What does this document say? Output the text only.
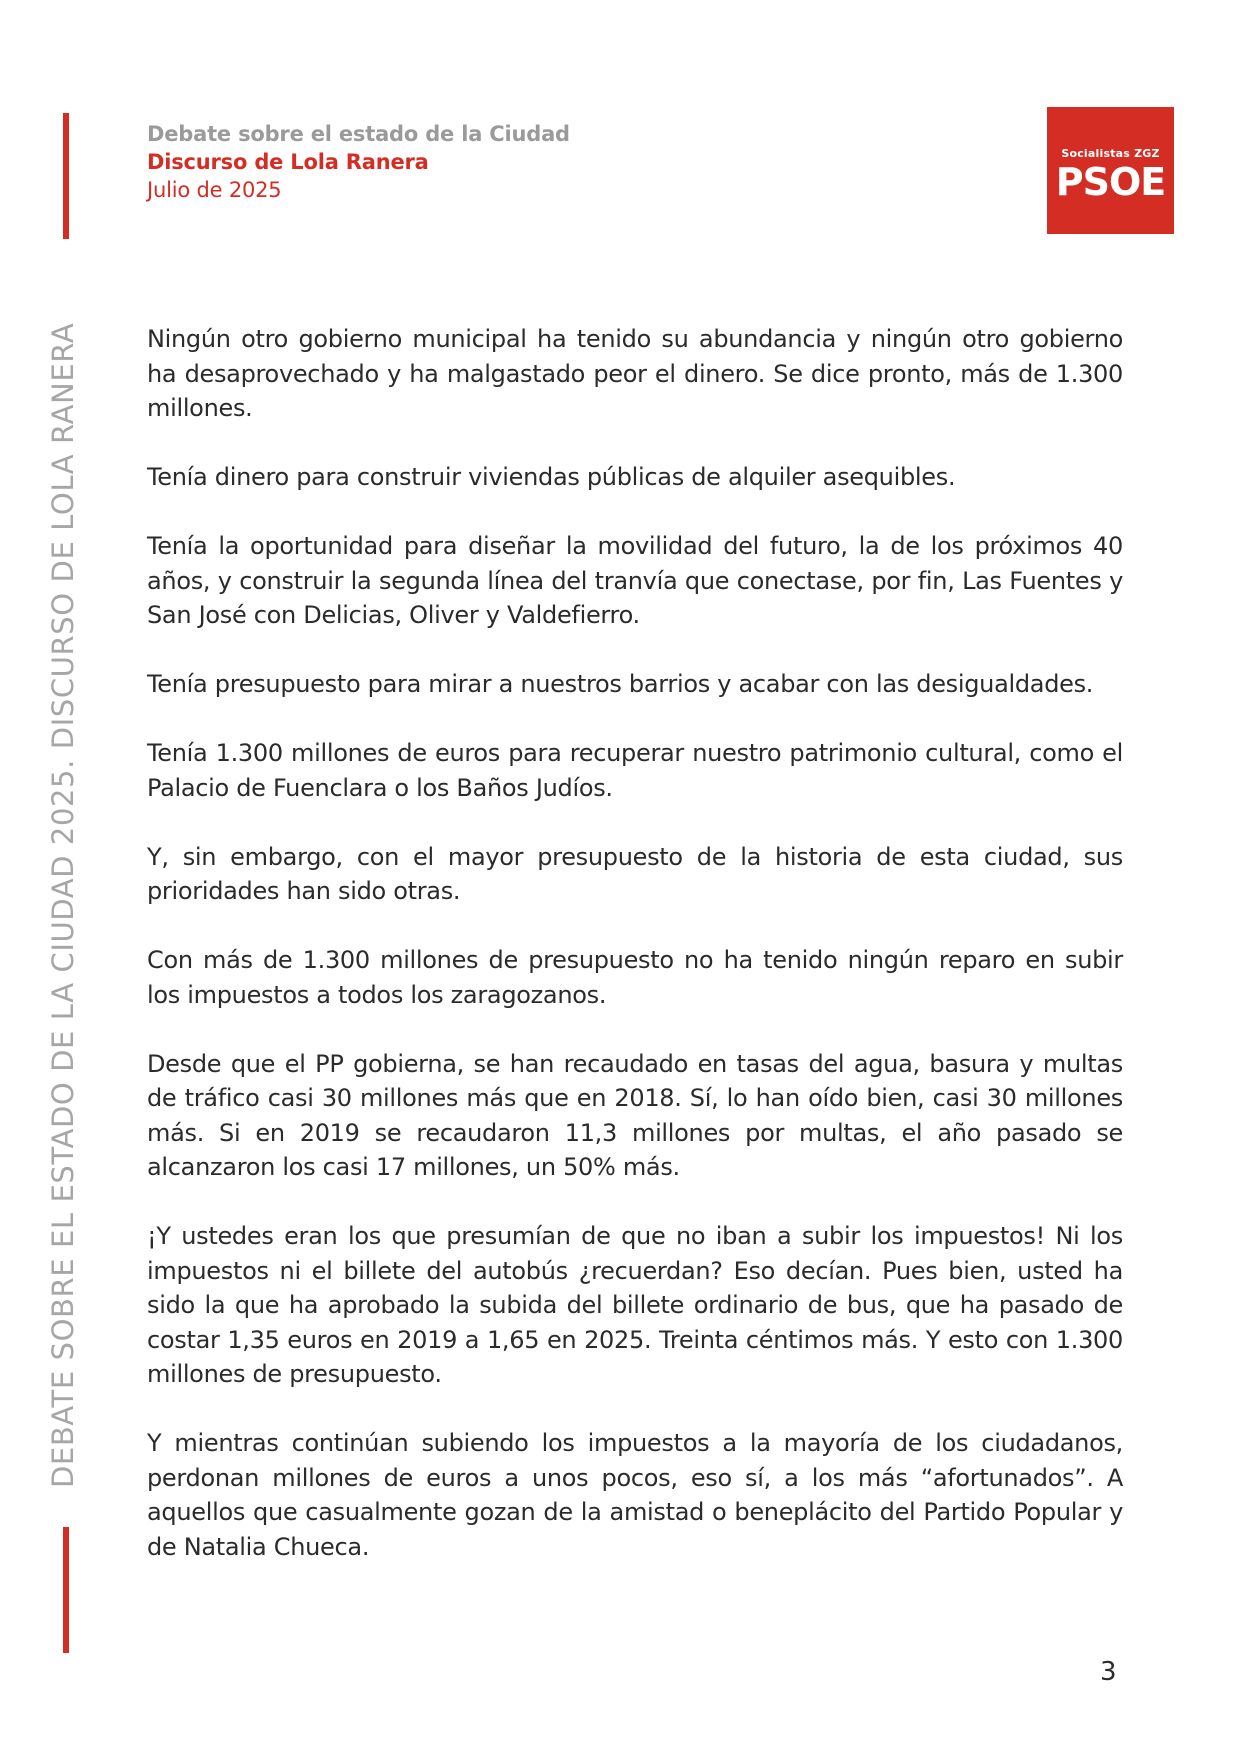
DEBATE SOBRE EL ESTADO DE LA CIUDAD 2025. DISCURSO DE LOLA RANERA
Debate sobre el estado de la Ciudad
Discurso de Lola Ranera
Julio de 2025
Socialistas ZGZ
PSOE

Ningún otro gobierno municipal ha tenido su abundancia y ningún otro gobierno ha desaprovechado y ha malgastado peor el dinero. Se dice pronto, más de 1.300 millones.

Tenía dinero para construir viviendas públicas de alquiler asequibles.

Tenía la oportunidad para diseñar la movilidad del futuro, la de los próximos 40 años, y construir la segunda línea del tranvía que conectase, por fin, Las Fuentes y San José con Delicias, Oliver y Valdefierro.

Tenía presupuesto para mirar a nuestros barrios y acabar con las desigualdades.

Tenía 1.300 millones de euros para recuperar nuestro patrimonio cultural, como el Palacio de Fuenclara o los Baños Judíos.

Y, sin embargo, con el mayor presupuesto de la historia de esta ciudad, sus prioridades han sido otras.

Con más de 1.300 millones de presupuesto no ha tenido ningún reparo en subir los impuestos a todos los zaragozanos.

Desde que el PP gobierna, se han recaudado en tasas del agua, basura y multas de tráfico casi 30 millones más que en 2018. Sí, lo han oído bien, casi 30 millones más. Si en 2019 se recaudaron 11,3 millones por multas, el año pasado se alcanzaron los casi 17 millones, un 50% más.

¡Y ustedes eran los que presumían de que no iban a subir los impuestos! Ni los impuestos ni el billete del autobús ¿recuerdan? Eso decían. Pues bien, usted ha sido la que ha aprobado la subida del billete ordinario de bus, que ha pasado de costar 1,35 euros en 2019 a 1,65 en 2025. Treinta céntimos más. Y esto con 1.300 millones de presupuesto.

Y mientras continúan subiendo los impuestos a la mayoría de los ciudadanos, perdonan millones de euros a unos pocos, eso sí, a los más “afortunados”. A aquellos que casualmente gozan de la amistad o beneplácito del Partido Popular y de Natalia Chueca.

3
